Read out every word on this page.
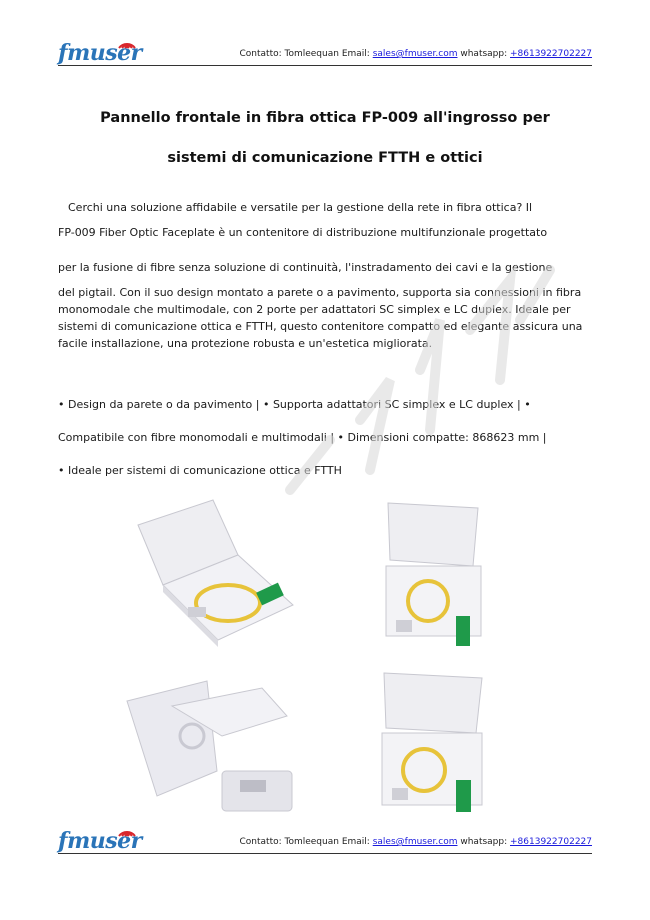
fmuser	Contatto: Tomleequan Email: sales@fmuser.com whatsapp: +8613922702227
Pannello frontale in fibra ottica FP-009 all'ingrosso per
sistemi di comunicazione FTTH e ottici
Cerchi una soluzione affidabile e versatile per la gestione della rete in fibra ottica? Il
FP-009 Fiber Optic Faceplate è un contenitore di distribuzione multifunzionale progettato
per la fusione di fibre senza soluzione di continuità, l'instradamento dei cavi e la gestione
del pigtail. Con il suo design montato a parete o a pavimento, supporta sia connessioni in fibra monomodale che multimodale, con 2 porte per adattatori SC simplex e LC duplex. Ideale per sistemi di comunicazione ottica e FTTH, questo contenitore compatto ed elegante assicura una facile installazione, una protezione robusta e un'estetica migliorata.
• Design da parete o da pavimento | • Supporta adattatori SC simplex e LC duplex | •
Compatibile con fibre monomodali e multimodali | • Dimensioni compatte: 868623 mm |
• Ideale per sistemi di comunicazione ottica e FTTH
fmuser	Contatto: Tomleequan Email: sales@fmuser.com whatsapp: +8613922702227
